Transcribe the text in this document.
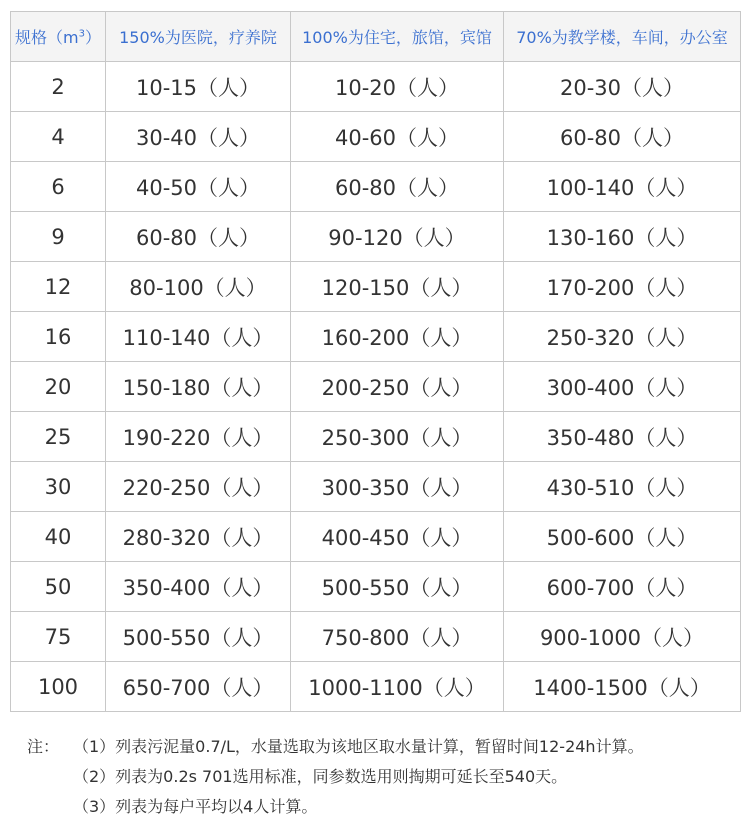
规格$(m^3)$	150%为医院，疗养院	100%为住宅，旅馆，宾馆	70%为教学楼，车间，办公室
2	10-15（人）	10-20（人）	20-30（人）
4	30-40（人）	40-60（人）	60-80（人）
6	40-50（人）	60-80（人）	100-140（人）
9	60-80（人）	90-120（人）	130-160（人）
12	80-100（人）	120-150（人）	170-200（人）
16	110-140（人）	160-200（人）	250-320（人）
20	150-180（人）	200-250（人）	300-400（人）
25	190-220（人）	250-300（人）	350-480（人）
30	220-250（人）	300-350（人）	430-510（人）
40	280-320（人）	400-450（人）	500-600（人）
50	350-400（人）	500-550（人）	600-700（人）
75	500-550（人）	750-800（人）	900-1000（人）
100	650-700（人）	1000-1100（人）	1400-1500（人）
注： （1）列表污泥量0.7/L，水量选取为该地区取水量计算，暂留时间12-24h计算。
（2）列表为0.2s 701选用标准，同参数选用则掏期可延长至540天。
（3）列表为每户平均以4人计算。
